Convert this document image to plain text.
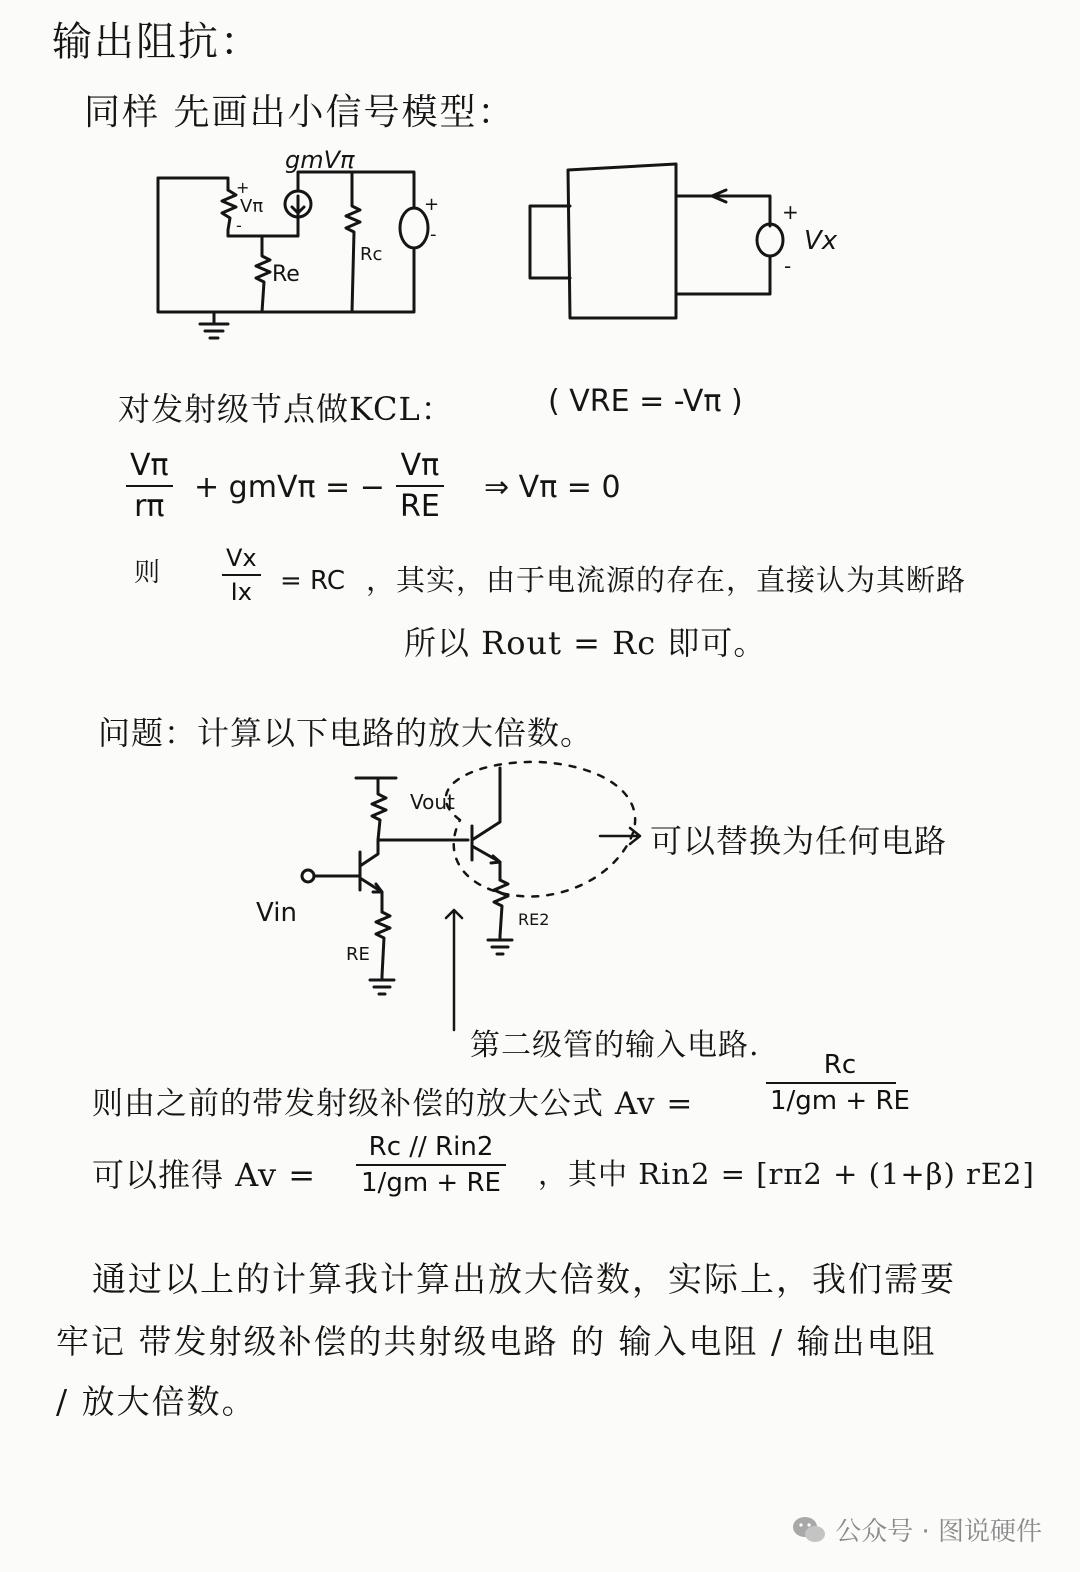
输出阻抗：
同样 先画出小信号模型：
gmVπ
+
Vπ
-
Re
Rc
+
-
+
-
Vx
对发射级节点做KCL：	( VRE = -Vπ )
Vπ
rπ
+ gmVπ = −
Vπ
RE
⇒ Vπ = 0
则	Vx
Ix = RC ，其实，由于电流源的存在，直接认为其断路
所以 Rout = Rc 即可。
问题：计算以下电路的放大倍数。
Vout
Vin
RE
RE2
可以替换为任何电路
第二级管的输入电路.
则由之前的带发射级补偿的放大公式 Av =
Rc
1/gm + RE
可以推得 Av =
Rc // Rin2
1/gm + RE ，其中 Rin2 = [rπ2 + (1+β) rE2]
通过以上的计算我计算出放大倍数，实际上，我们需要
牢记 带发射级补偿的共射级电路 的 输入电阻 / 输出电阻
/ 放大倍数。
公众号 · 图说硬件
